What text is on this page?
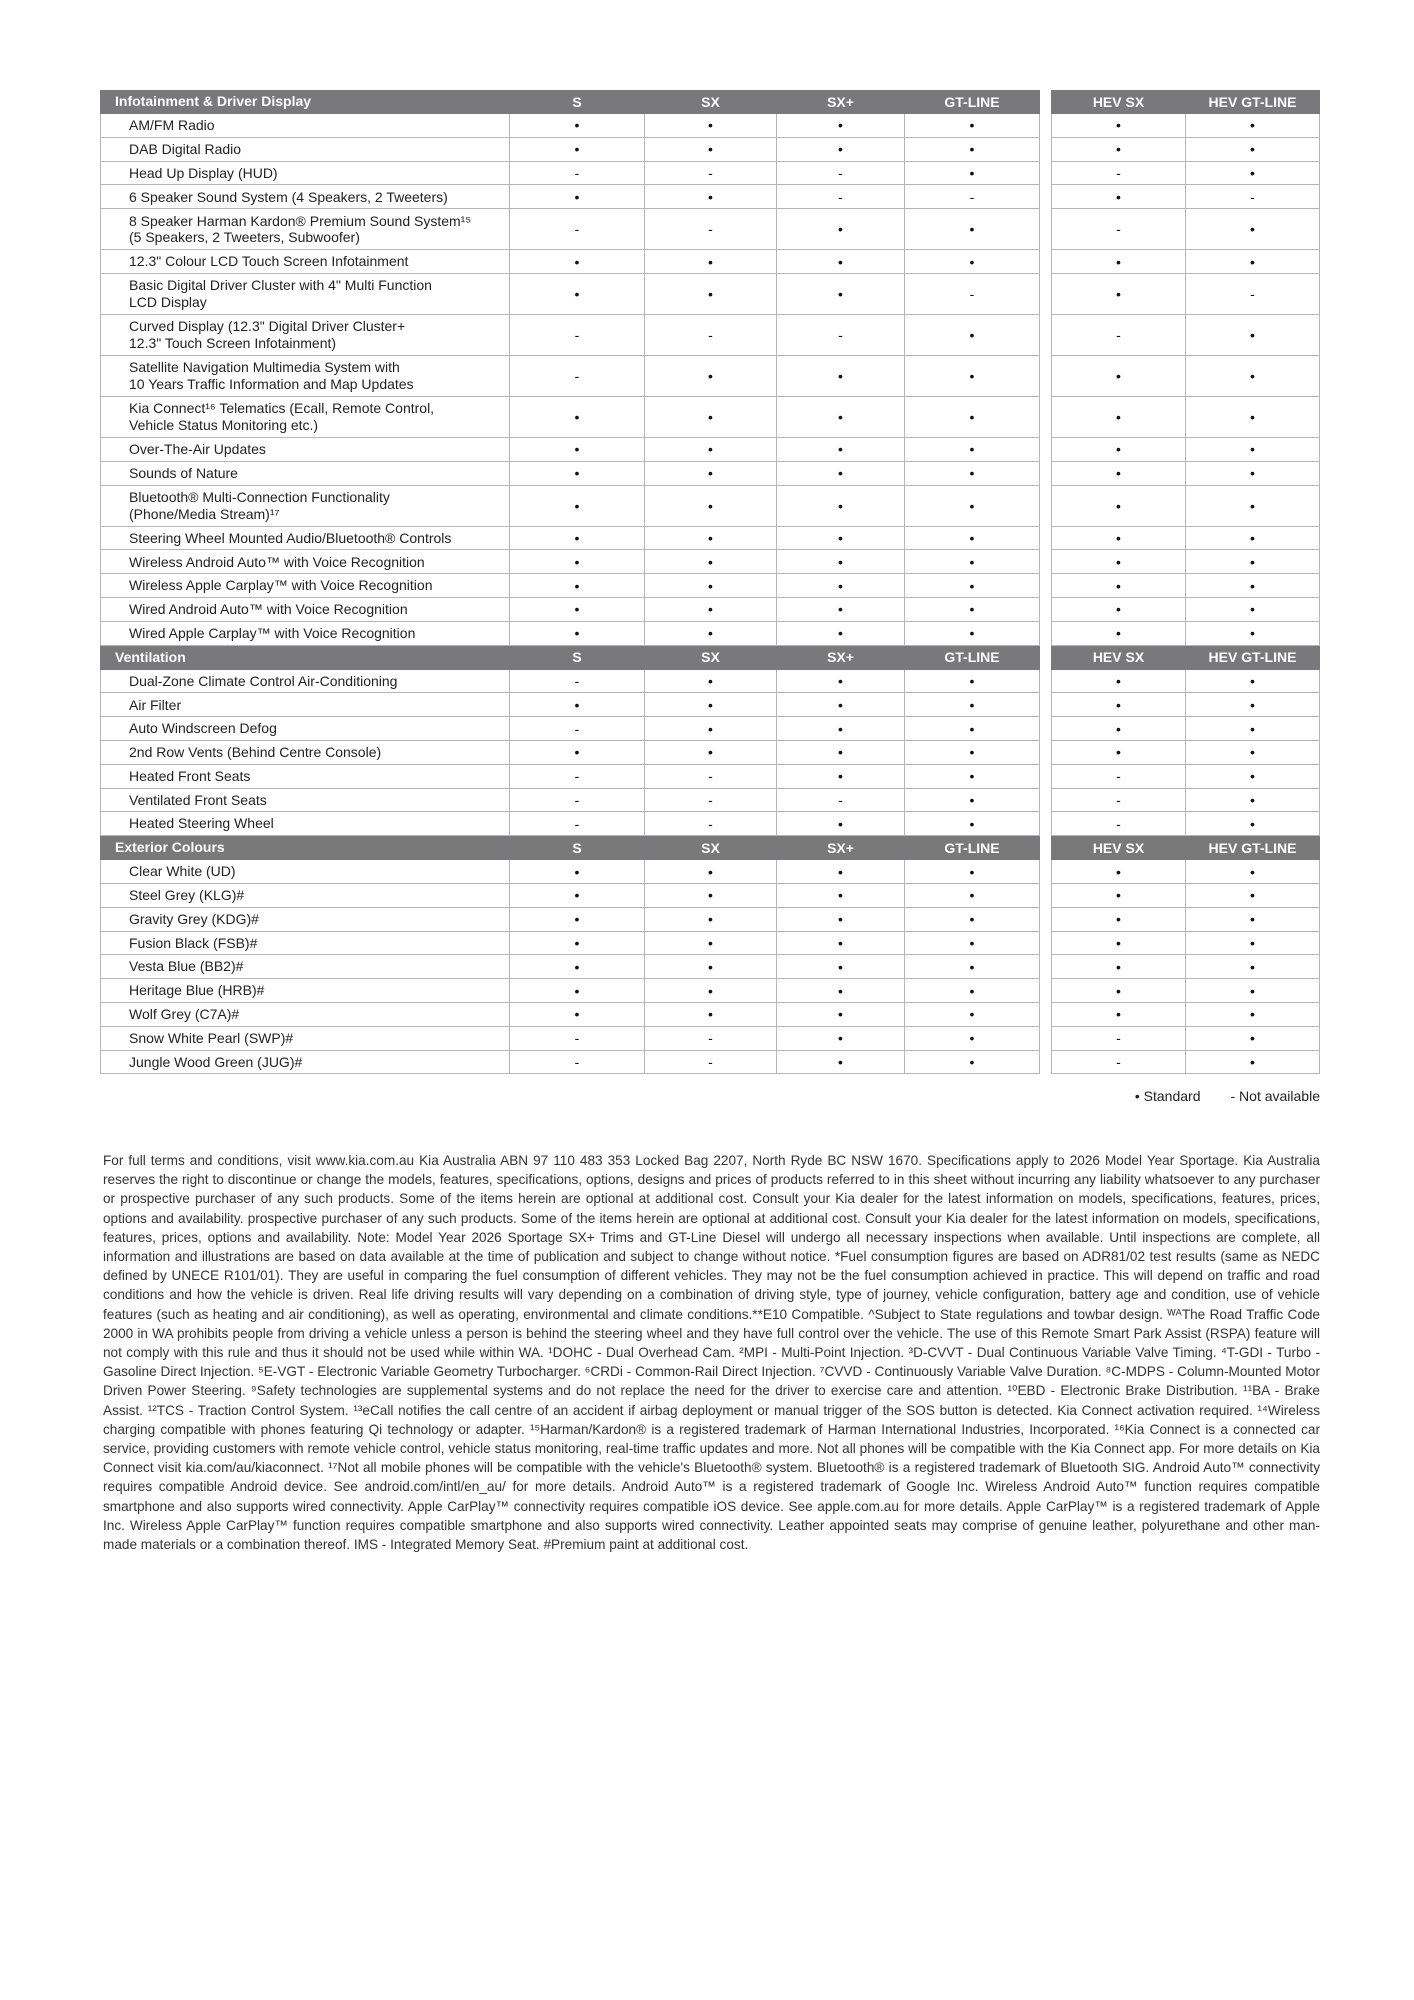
Infotainment & Driver Display	S	SX	SX+	GT-LINE	HEV SX	HEV GT-LINE
AM/FM Radio	•	•	•	•	•	•
DAB Digital Radio	•	•	•	•	•	•
Head Up Display (HUD)	-	-	-	•	-	•
6 Speaker Sound System (4 Speakers, 2 Tweeters)	•	•	-	-	•	-
8 Speaker Harman Kardon® Premium Sound System¹⁵
(5 Speakers, 2 Tweeters, Subwoofer)	-	-	•	•	-	•
12.3" Colour LCD Touch Screen Infotainment	•	•	•	•	•	•
Basic Digital Driver Cluster with 4" Multi Function
LCD Display	•	•	•	-	•	-
Curved Display (12.3" Digital Driver Cluster+
12.3" Touch Screen Infotainment)	-	-	-	•	-	•
Satellite Navigation Multimedia System with
10 Years Traffic Information and Map Updates	-	•	•	•	•	•
Kia Connect¹⁶ Telematics (Ecall, Remote Control,
Vehicle Status Monitoring etc.)	•	•	•	•	•	•
Over-The-Air Updates	•	•	•	•	•	•
Sounds of Nature	•	•	•	•	•	•
Bluetooth® Multi-Connection Functionality
(Phone/Media Stream)¹⁷	•	•	•	•	•	•
Steering Wheel Mounted Audio/Bluetooth® Controls	•	•	•	•	•	•
Wireless Android Auto™ with Voice Recognition	•	•	•	•	•	•
Wireless Apple Carplay™ with Voice Recognition	•	•	•	•	•	•
Wired Android Auto™ with Voice Recognition	•	•	•	•	•	•
Wired Apple Carplay™ with Voice Recognition	•	•	•	•	•	•
Ventilation	S	SX	SX+	GT-LINE	HEV SX	HEV GT-LINE
Dual-Zone Climate Control Air-Conditioning	-	•	•	•	•	•
Air Filter	•	•	•	•	•	•
Auto Windscreen Defog	-	•	•	•	•	•
2nd Row Vents (Behind Centre Console)	•	•	•	•	•	•
Heated Front Seats	-	-	•	•	-	•
Ventilated Front Seats	-	-	-	•	-	•
Heated Steering Wheel	-	-	•	•	-	•
Exterior Colours	S	SX	SX+	GT-LINE	HEV SX	HEV GT-LINE
Clear White (UD)	•	•	•	•	•	•
Steel Grey (KLG)#	•	•	•	•	•	•
Gravity Grey (KDG)#	•	•	•	•	•	•
Fusion Black (FSB)#	•	•	•	•	•	•
Vesta Blue (BB2)#	•	•	•	•	•	•
Heritage Blue (HRB)#	•	•	•	•	•	•
Wolf Grey (C7A)#	•	•	•	•	•	•
Snow White Pearl (SWP)#	-	-	•	•	-	•
Jungle Wood Green (JUG)#	-	-	•	•	-	•
• Standard - Not available

For full terms and conditions, visit www.kia.com.au Kia Australia ABN 97 110 483 353 Locked Bag 2207, North Ryde BC NSW 1670. Specifications apply to 2026 Model Year Sportage. Kia Australia reserves the right to discontinue or change the models, features, specifications, options, designs and prices of products referred to in this sheet without incurring any liability whatsoever to any purchaser or prospective purchaser of any such products. Some of the items herein are optional at additional cost. Consult your Kia dealer for the latest information on models, specifications, features, prices, options and availability. prospective purchaser of any such products. Some of the items herein are optional at additional cost. Consult your Kia dealer for the latest information on models, specifications, features, prices, options and availability. Note: Model Year 2026 Sportage SX+ Trims and GT-Line Diesel will undergo all necessary inspections when available. Until inspections are complete, all information and illustrations are based on data available at the time of publication and subject to change without notice. *Fuel consumption figures are based on ADR81/02 test results (same as NEDC defined by UNECE R101/01). They are useful in comparing the fuel consumption of different vehicles. They may not be the fuel consumption achieved in practice. This will depend on traffic and road conditions and how the vehicle is driven. Real life driving results will vary depending on a combination of driving style, type of journey, vehicle configuration, battery age and condition, use of vehicle features (such as heating and air conditioning), as well as operating, environmental and climate conditions.**E10 Compatible. ^Subject to State regulations and towbar design. ᵂᴬThe Road Traffic Code 2000 in WA prohibits people from driving a vehicle unless a person is behind the steering wheel and they have full control over the vehicle. The use of this Remote Smart Park Assist (RSPA) feature will not comply with this rule and thus it should not be used while within WA. ¹DOHC - Dual Overhead Cam. ²MPI - Multi-Point Injection. ³D-CVVT - Dual Continuous Variable Valve Timing. ⁴T-GDI - Turbo - Gasoline Direct Injection. ⁵E-VGT - Electronic Variable Geometry Turbocharger. ⁶CRDi - Common-Rail Direct Injection. ⁷CVVD - Continuously Variable Valve Duration. ⁸C-MDPS - Column-Mounted Motor Driven Power Steering. ⁹Safety technologies are supplemental systems and do not replace the need for the driver to exercise care and attention. ¹⁰EBD - Electronic Brake Distribution. ¹¹BA - Brake Assist. ¹²TCS - Traction Control System. ¹³eCall notifies the call centre of an accident if airbag deployment or manual trigger of the SOS button is detected. Kia Connect activation required. ¹⁴Wireless charging compatible with phones featuring Qi technology or adapter. ¹⁵Harman/Kardon® is a registered trademark of Harman International Industries, Incorporated. ¹⁶Kia Connect is a connected car service, providing customers with remote vehicle control, vehicle status monitoring, real-time traffic updates and more. Not all phones will be compatible with the Kia Connect app. For more details on Kia Connect visit kia.com/au/kiaconnect. ¹⁷Not all mobile phones will be compatible with the vehicle's Bluetooth® system. Bluetooth® is a registered trademark of Bluetooth SIG. Android Auto™ connectivity requires compatible Android device. See android.com/intl/en_au/ for more details. Android Auto™ is a registered trademark of Google Inc. Wireless Android Auto™ function requires compatible smartphone and also supports wired connectivity. Apple CarPlay™ connectivity requires compatible iOS device. See apple.com.au for more details. Apple CarPlay™ is a registered trademark of Apple Inc. Wireless Apple CarPlay™ function requires compatible smartphone and also supports wired connectivity. Leather appointed seats may comprise of genuine leather, polyurethane and other man-made materials or a combination thereof. IMS - Integrated Memory Seat. #Premium paint at additional cost.
